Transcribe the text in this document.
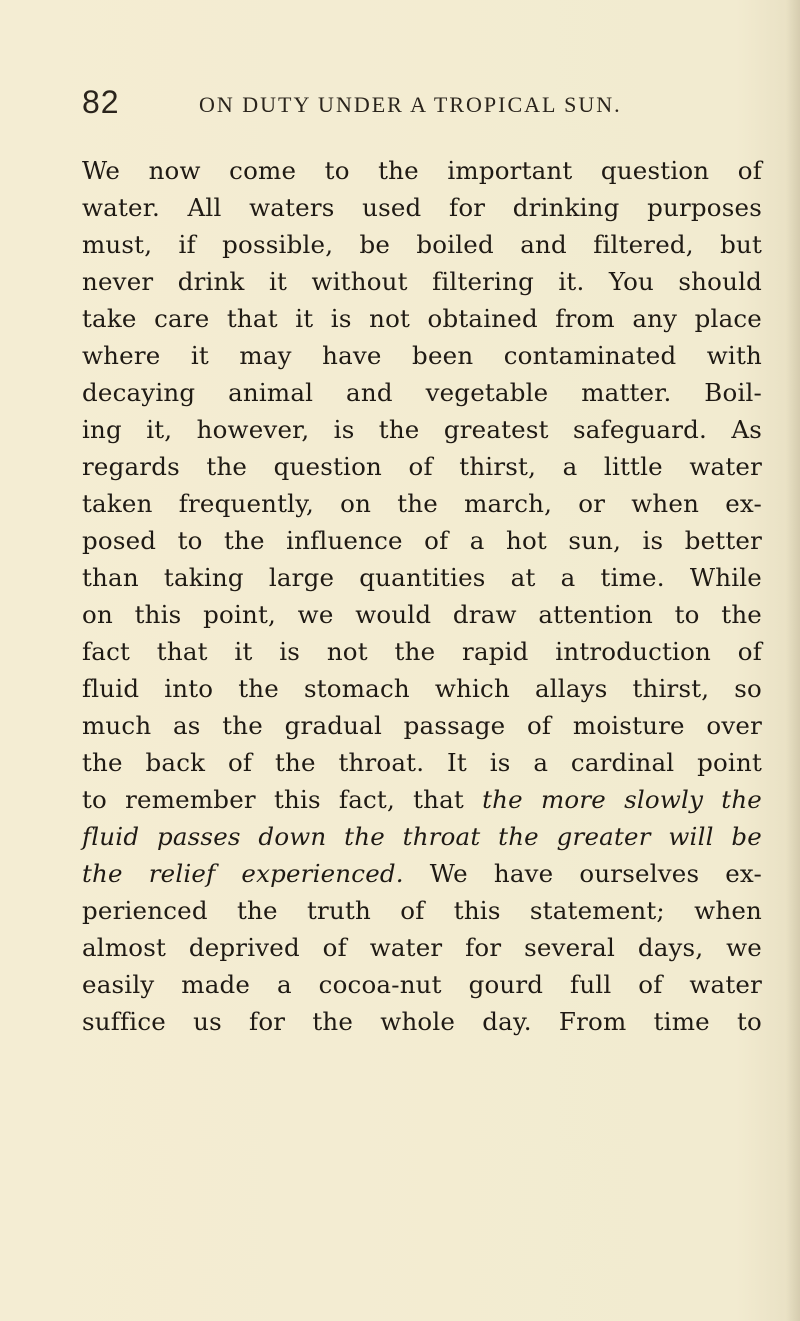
82	ON DUTY UNDER A TROPICAL SUN.
We now come to the important question of
water. All waters used for drinking purposes
must, if possible, be boiled and filtered, but
never drink it without filtering it. You should
take care that it is not obtained from any place
where it may have been contaminated with
decaying animal and vegetable matter. Boil-
ing it, however, is the greatest safeguard. As
regards the question of thirst, a little water
taken frequently, on the march, or when ex-
posed to the influence of a hot sun, is better
than taking large quantities at a time. While
on this point, we would draw attention to the
fact that it is not the rapid introduction of
fluid into the stomach which allays thirst, so
much as the gradual passage of moisture over
the back of the throat. It is a cardinal point
to remember this fact, that the more slowly the
fluid passes down the throat the greater will be
the relief experienced. We have ourselves ex-
perienced the truth of this statement; when
almost deprived of water for several days, we
easily made a cocoa-nut gourd full of water
suffice us for the whole day. From time to
